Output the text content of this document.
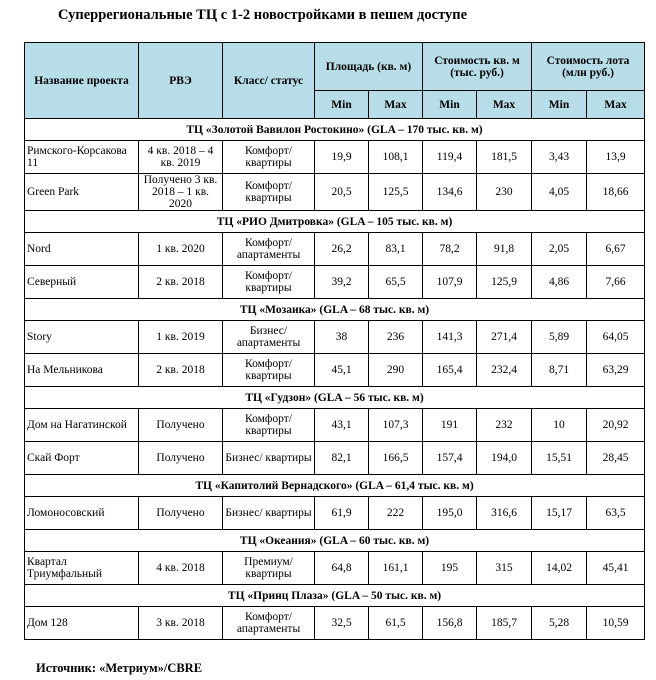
Суперрегиональные ТЦ с 1-2 новостройками в пешем доступе
Название проекта	РВЭ	Класс/ статус	Площадь (кв. м)		Стоимость кв. м (тыс. руб.)		Стоимость лота (млн руб.)	
			Min	Max	Min	Max	Min	Max
ТЦ «Золотой Вавилон Ростокино» (GLA – 170 тыс. кв. м)								
Римского-Корсакова 11	4 кв. 2018 – 4 кв. 2019	Комфорт/ квартиры	19,9	108,1	119,4	181,5	3,43	13,9
Green Park	Получено 3 кв. 2018 – 1 кв. 2020	Комфорт/ квартиры	20,5	125,5	134,6	230	4,05	18,66
ТЦ «РИО Дмитровка» (GLA – 105 тыс. кв. м)								
Nord	1 кв. 2020	Комфорт/ апартаменты	26,2	83,1	78,2	91,8	2,05	6,67
Северный	2 кв. 2018	Комфорт/ квартиры	39,2	65,5	107,9	125,9	4,86	7,66
ТЦ «Мозаика» (GLA – 68 тыс. кв. м)								
Story	1 кв. 2019	Бизнес/ апартаменты	38	236	141,3	271,4	5,89	64,05
На Мельникова	2 кв. 2018	Комфорт/ квартиры	45,1	290	165,4	232,4	8,71	63,29
ТЦ «Гудзон» (GLA – 56 тыс. кв. м)								
Дом на Нагатинской	Получено	Комфорт/ квартиры	43,1	107,3	191	232	10	20,92
Скай Форт	Получено	Бизнес/ квартиры	82,1	166,5	157,4	194,0	15,51	28,45
ТЦ «Капитолий Вернадского» (GLA – 61,4 тыс. кв. м)								
Ломоносовский	Получено	Бизнес/ квартиры	61,9	222	195,0	316,6	15,17	63,5
ТЦ «Океания» (GLA – 60 тыс. кв. м)								
Квартал Триумфальный	4 кв. 2018	Премиум/ квартиры	64,8	161,1	195	315	14,02	45,41
ТЦ «Принц Плаза» (GLA – 50 тыс. кв. м)								
Дом 128	3 кв. 2018	Комфорт/ апартаменты	32,5	61,5	156,8	185,7	5,28	10,59
Источник: «Метриум»/CBRE
